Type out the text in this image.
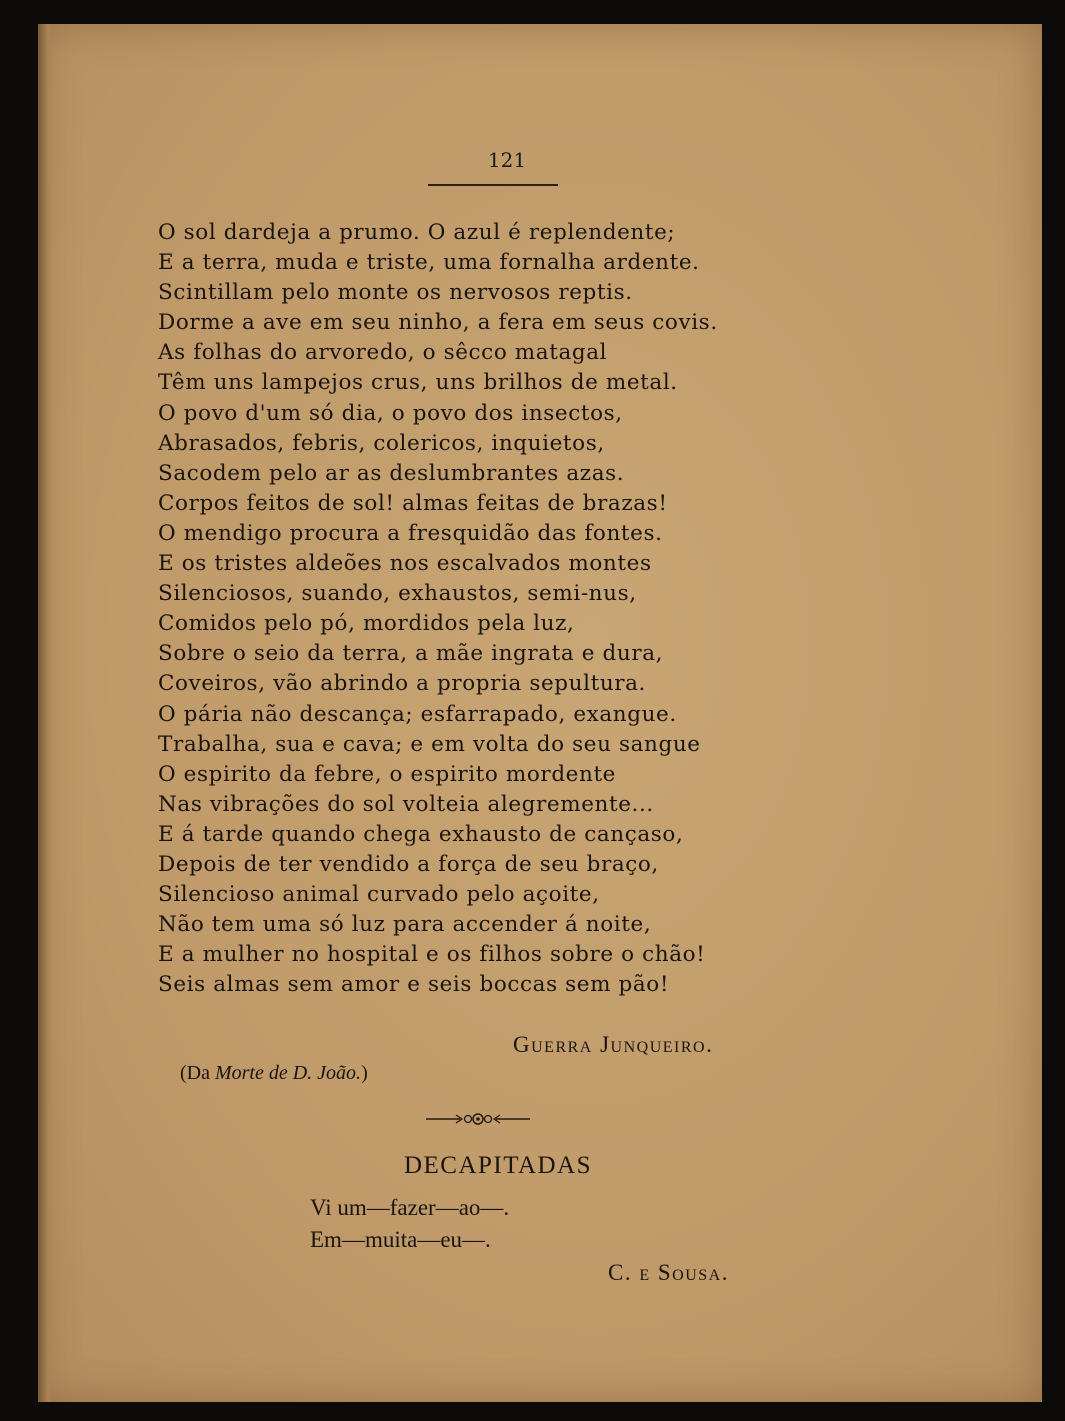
121
O sol dardeja a prumo. O azul é replendente;
E a terra, muda e triste, uma fornalha ardente.
Scintillam pelo monte os nervosos reptis.
Dorme a ave em seu ninho, a fera em seus covis.
As folhas do arvoredo, o sêcco matagal
Têm uns lampejos crus, uns brilhos de metal.
O povo d'um só dia, o povo dos insectos,
Abrasados, febris, colericos, inquietos,
Sacodem pelo ar as deslumbrantes azas.
Corpos feitos de sol! almas feitas de brazas!
O mendigo procura a fresquidão das fontes.
E os tristes aldeões nos escalvados montes
Silenciosos, suando, exhaustos, semi-nus,
Comidos pelo pó, mordidos pela luz,
Sobre o seio da terra, a mãe ingrata e dura,
Coveiros, vão abrindo a propria sepultura.
O pária não descança; esfarrapado, exangue.
Trabalha, sua e cava; e em volta do seu sangue
O espirito da febre, o espirito mordente
Nas vibrações do sol volteia alegremente...
E á tarde quando chega exhausto de cançaso,
Depois de ter vendido a força de seu braço,
Silencioso animal curvado pelo açoite,
Não tem uma só luz para accender á noite,
E a mulher no hospital e os filhos sobre o chão!
Seis almas sem amor e seis boccas sem pão!
Guerra Junqueiro.
(Da Morte de D. João.)
DECAPITADAS
Vi um—fazer—ao—.
Em—muita—eu—.
C. e Sousa.
